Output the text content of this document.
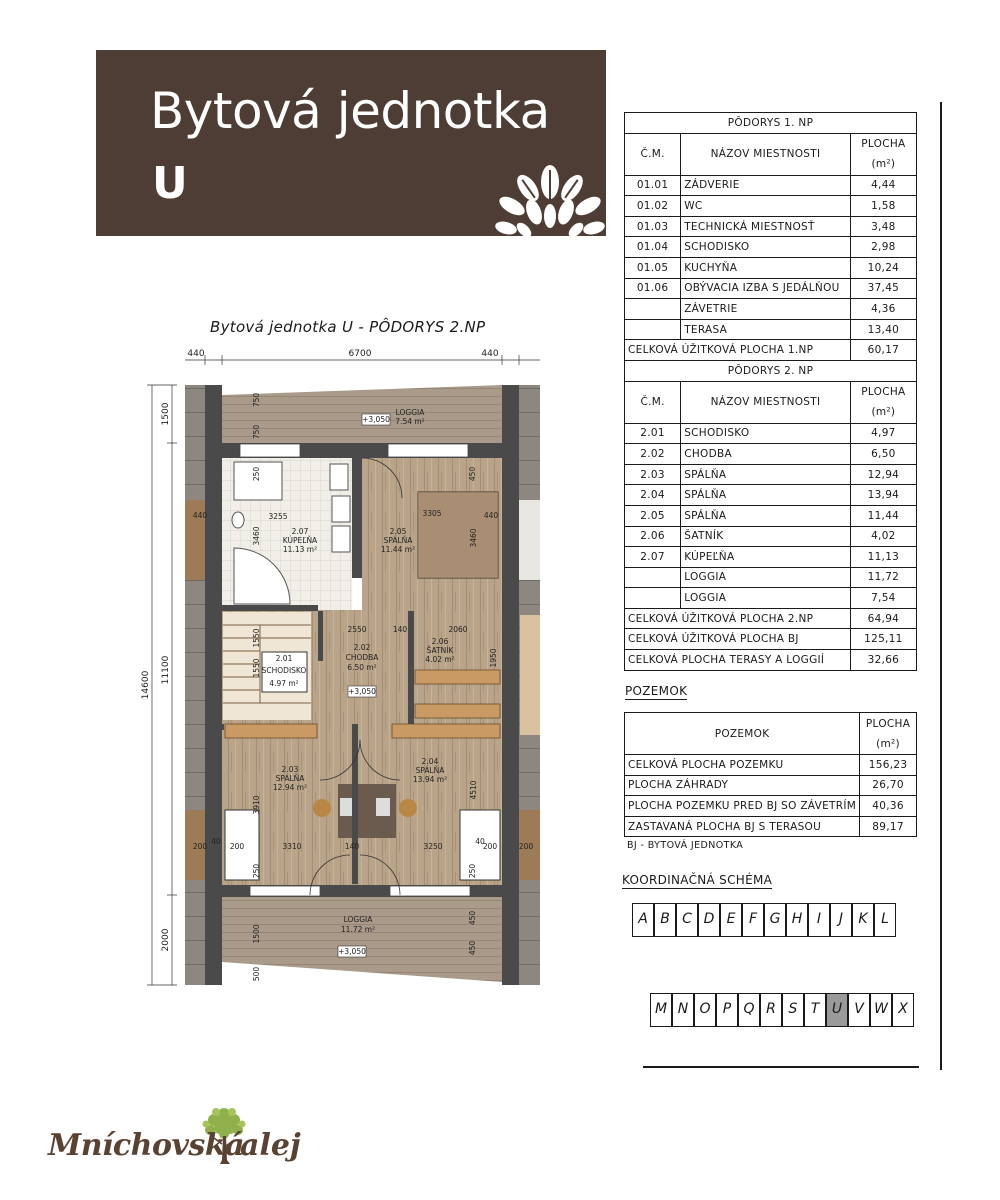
Bytová jednotka
U
Bytová jednotka U - PÔDORYS 2.NP
440	6700	440
14600
1500
11100
2000
750
750
250
3255
3460
3305
3460
450
440	440
1550	2550	140	2060
1950
1550
3910
4510
3310	140	3250
200	200	200	200
1500
450
500
450
40	40
250	250
+3,050
+3,050
+3,050
LOGGIA
7.54 m²
2.07
KÚPEĽŇA
11.13 m²
2.05
SPÁLŇA
11.44 m²
2.01
SCHODISKO
4.97 m²
2.02
CHODBA
6.50 m²
2.06
ŠATNÍK
4.02 m²
2.03
SPÁLŇA
12.94 m²
2.04
SPÁLŇA
13.94 m²
LOGGIA
11.72 m²
PÔDORYS 1. NP		
Č.M.	NÁZOV MIESTNOSTI	PLOCHA
(m²)

01.01	ZÁDVERIE	4,44
01.02	WC	1,58
01.03	TECHNICKÁ MIESTNOSŤ	3,48
01.04	SCHODISKO	2,98
01.05	KUCHYŇA	10,24
01.06	OBÝVACIA IZBA S JEDÁLŇOU	37,45
	ZÁVETRIE	4,36
	TERASA	13,40
CELKOVÁ ÚŽITKOVÁ PLOCHA 1.NP		60,17
PÔDORYS 2. NP		
Č.M.	NÁZOV MIESTNOSTI	PLOCHA
(m²)

2.01	SCHODISKO	4,97
2.02	CHODBA	6,50
2.03	SPÁLŇA	12,94
2.04	SPÁLŇA	13,94
2.05	SPÁLŇA	11,44
2.06	ŠATNÍK	4,02
2.07	KÚPEĽŇA	11,13
	LOGGIA	11,72
	LOGGIA	7,54
CELKOVÁ ÚŽITKOVÁ PLOCHA 2.NP		64,94
CELKOVÁ ÚŽITKOVÁ PLOCHA BJ		125,11
CELKOVÁ PLOCHA TERASY A LOGGIÍ		32,66
POZEMOK
POZEMOK	PLOCHA
(m²)

CELKOVÁ PLOCHA POZEMKU	156,23
PLOCHA ZÁHRADY	26,70
PLOCHA POZEMKU PRED BJ SO ZÁVETRÍM	40,36
ZASTAVANÁ PLOCHA BJ S TERASOU	89,17
BJ - BYTOVÁ JEDNOTKA
KOORDINAČNÁ SCHÉMA
A B C D E F G H	I	J	K L
M N O P Q R S T U V W X
Mníchovská
alej
